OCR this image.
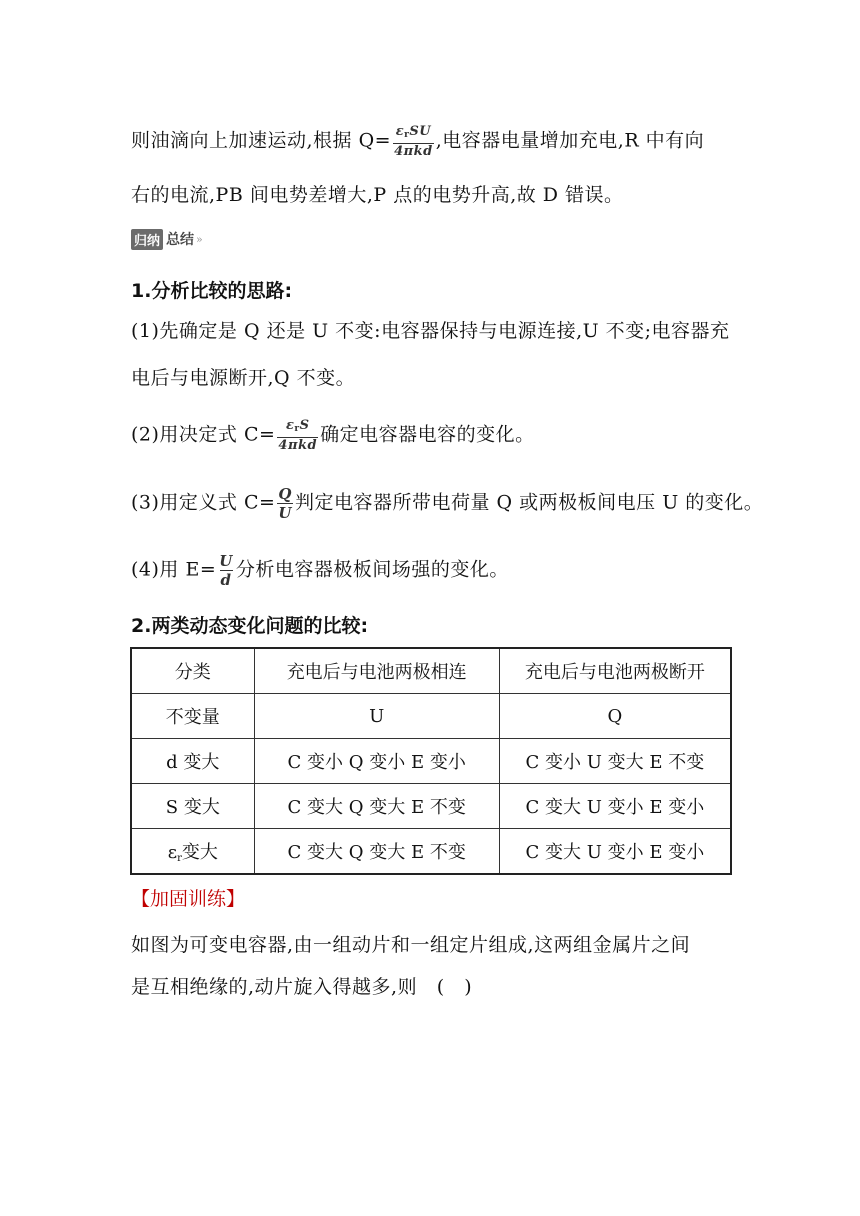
则油滴向上加速运动,根据 $Q= \frac{\varepsilon_rSU}{\text{4πkd}}$ ,电容器电量增加充电,R 中有向
右的电流,PB 间电势差增大,P 点的电势升高,故 D 错误。
归纳 总结 »
1.分析比较的思路:
(1)先确定是 Q 还是 U 不变:电容器保持与电源连接,U 不变;电容器充
电后与电源断开,Q 不变。
(2)用决定式 $C= \frac{\varepsilon_rS}{\text{4πkd}}$ 确定电容器电容的变化。
(3)用定义式 $C= \frac{Q}{U}$ 判定电容器所带电荷量 Q 或两极板间电压 U 的变化。
(4)用 $E= \frac{U}{d}$ 分析电容器极板间场强的变化。
2.两类动态变化问题的比较:
分类	充电后与电池两极相连	充电后与电池两极断开
不变量	U	Q
d 变大	C 变小 Q 变小 E 变小	C 变小 U 变大 E 不变
S 变大	C 变大 Q 变大 E 不变	C 变大 U 变小 E 变小
εr变大	C 变大 Q 变大 E 不变	C 变大 U 变小 E 变小
【加固训练】
如图为可变电容器,由一组动片和一组定片组成,这两组金属片之间
是互相绝缘的,动片旋入得越多,则   (   )
